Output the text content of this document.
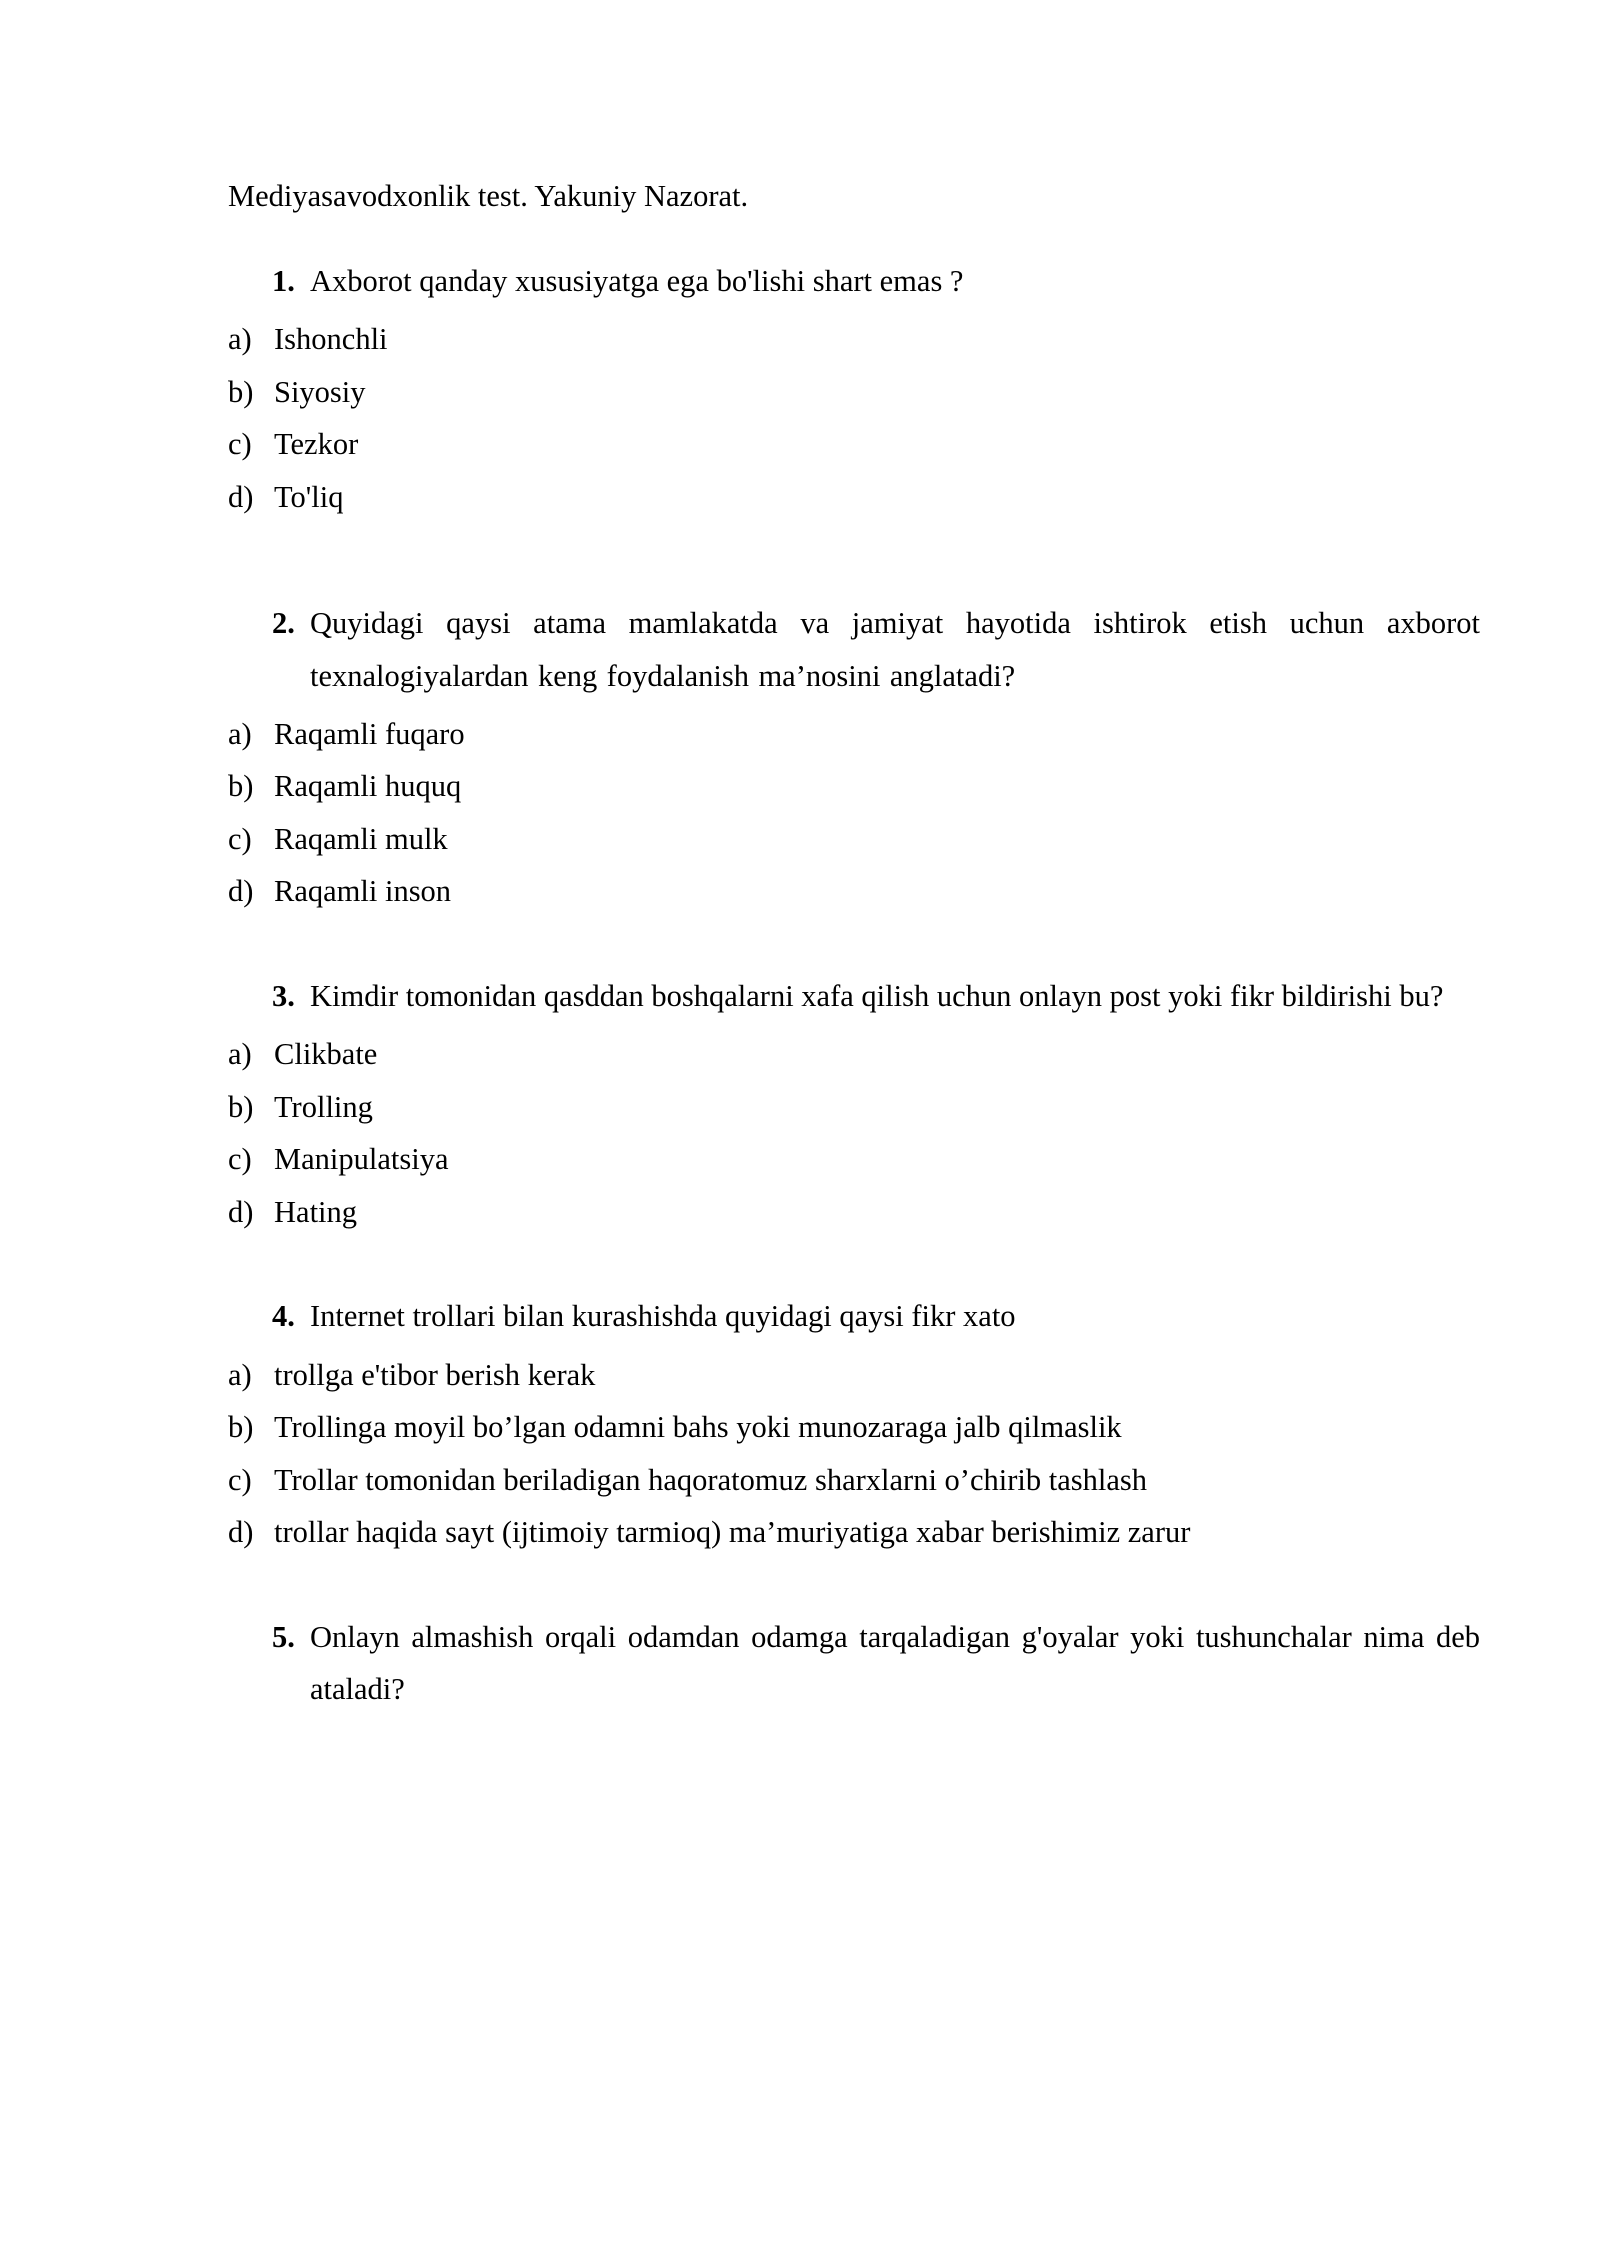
Mediyasavodxonlik test. Yakuniy Nazorat.
1. Axborot qanday xususiyatga ega bo'lishi shart emas ?
a) Ishonchli
b) Siyosiy
c) Tezkor
d) To'liq
2. Quyidagi qaysi atama mamlakatda va jamiyat hayotida ishtirok etish uchun axborot texnalogiyalardan keng foydalanish ma’nosini anglatadi?
a) Raqamli fuqaro
b) Raqamli huquq
c) Raqamli mulk
d) Raqamli inson
3. Kimdir tomonidan qasddan boshqalarni xafa qilish uchun onlayn post yoki fikr bildirishi bu?
a) Clikbate
b) Trolling
c) Manipulatsiya
d) Hating
4. Internet trollari bilan kurashishda quyidagi qaysi fikr xato
a) trollga e'tibor berish kerak
b) Trollinga moyil bo’lgan odamni bahs yoki munozaraga jalb qilmaslik
c) Trollar tomonidan beriladigan haqoratomuz sharxlarni o’chirib tashlash
d) trollar haqida sayt (ijtimoiy tarmioq) ma’muriyatiga xabar berishimiz zarur
5. Onlayn almashish orqali odamdan odamga tarqaladigan g'oyalar yoki tushunchalar nima deb ataladi?
